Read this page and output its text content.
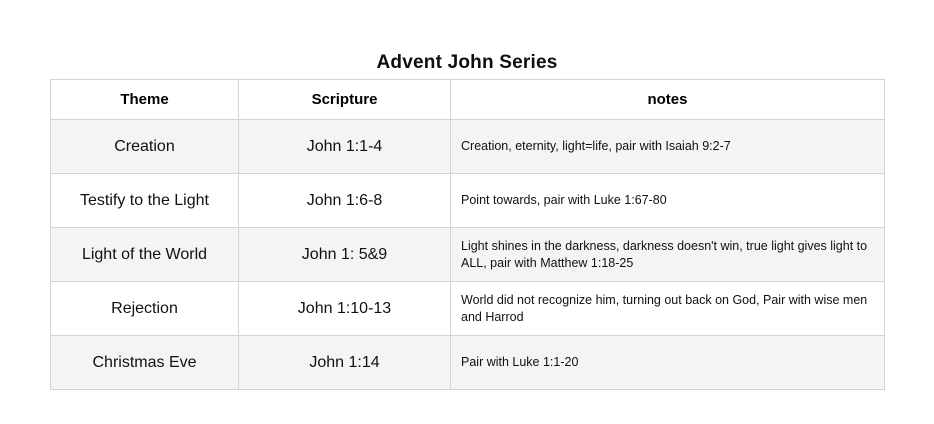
Advent John Series
Theme	Scripture	notes
Creation	John 1:1-4	Creation, eternity, light=life, pair with Isaiah 9:2-7
Testify to the Light	John 1:6-8	Point towards, pair with Luke 1:67-80
Light of the World	John 1: 5&9	Light shines in the darkness, darkness doesn't win, true light gives light to ALL, pair with Matthew 1:18-25
Rejection	John 1:10-13	World did not recognize him, turning out back on God, Pair with wise men and Harrod
Christmas Eve	John 1:14	Pair with Luke 1:1-20
